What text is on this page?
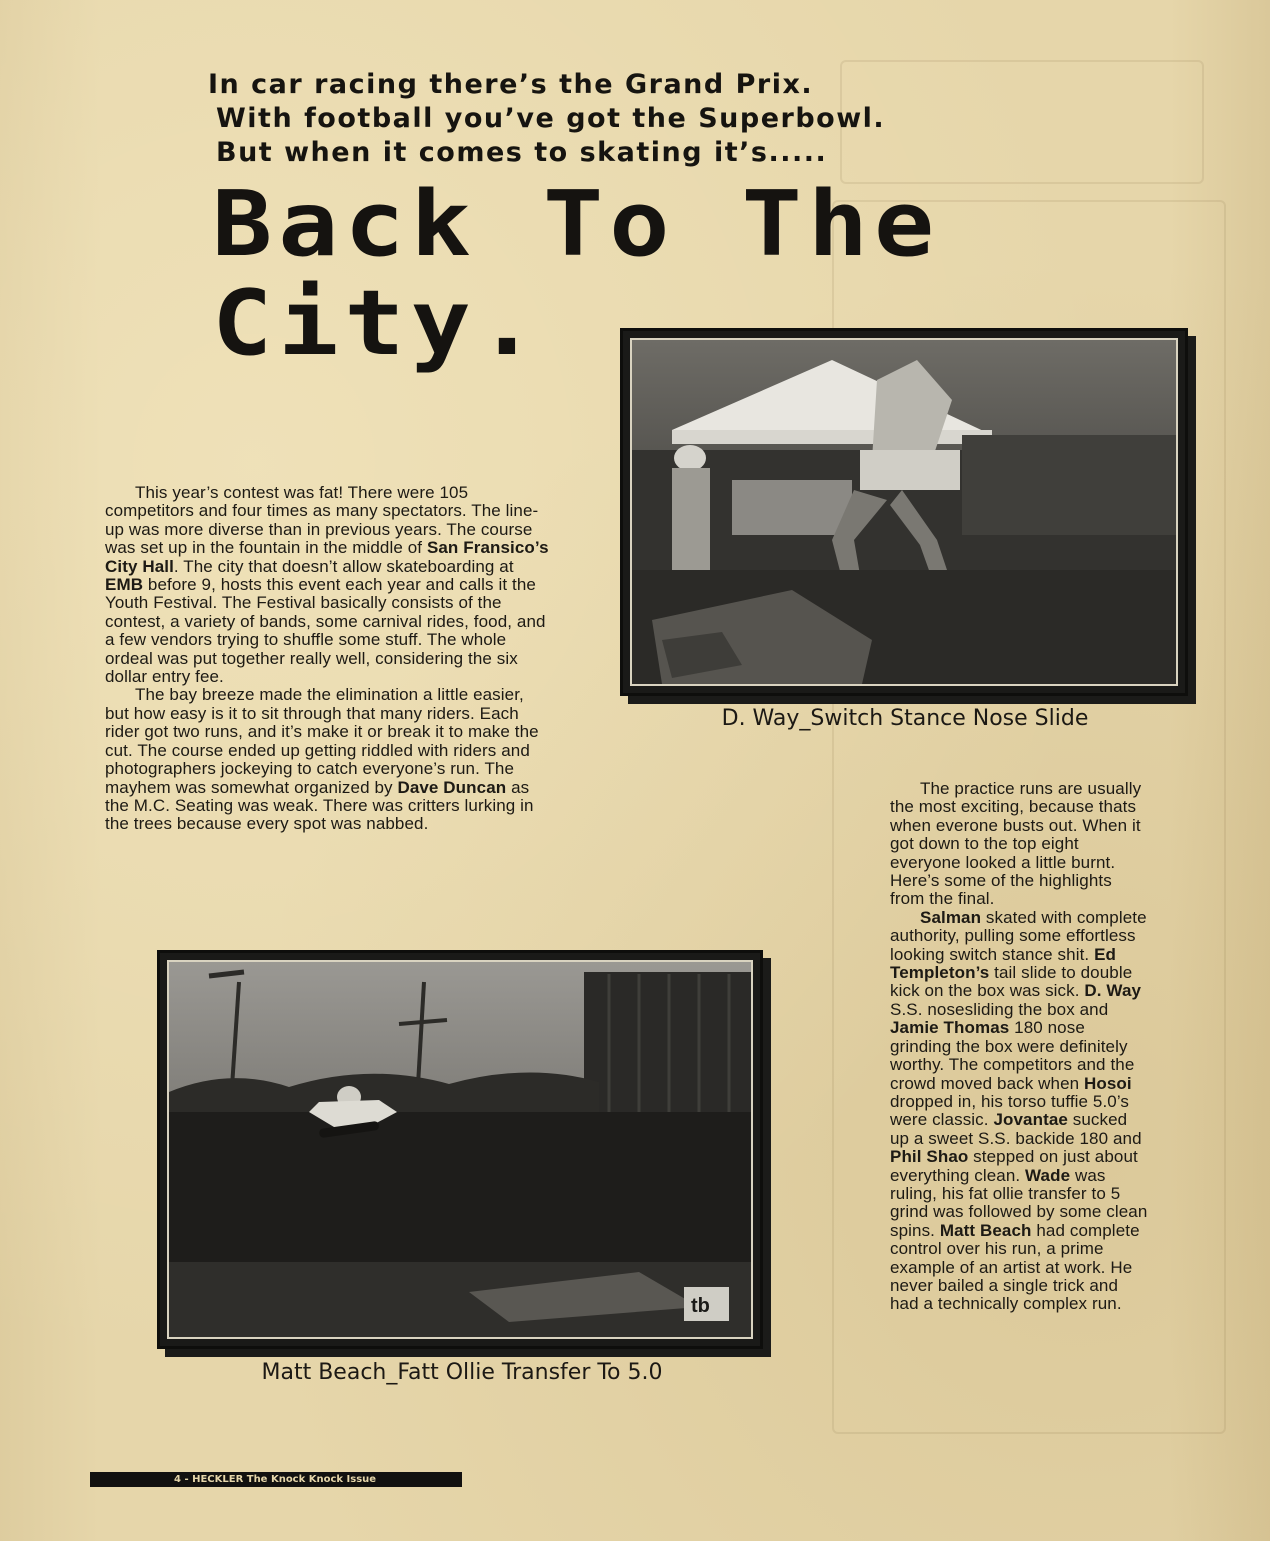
In car racing there’s the Grand Prix.
With football you’ve got the Superbowl.
But when it comes to skating it’s.....
Back To The City.
D. Way_Switch Stance Nose Slide
tb
Matt Beach_Fatt Ollie Transfer To 5.0

This year’s contest was fat! There were 105 competitors and four times as many spectators. The line-up was more diverse than in previous years. The course was set up in the fountain in the middle of San Fransico’s City Hall. The city that doesn’t allow skateboarding at EMB before 9, hosts this event each year and calls it the Youth Festival. The Festival basically consists of the contest, a variety of bands, some carnival rides, food, and a few vendors trying to shuffle some stuff. The whole ordeal was put together really well, considering the six dollar entry fee.

The bay breeze made the elimination a little easier, but how easy is it to sit through that many riders. Each rider got two runs, and it’s make it or break it to make the cut. The course ended up getting riddled with riders and photographers jockeying to catch everyone’s run. The mayhem was somewhat organized by Dave Duncan as the M.C. Seating was weak. There was critters lurking in the trees because every spot was nabbed.

The practice runs are usually the most exciting, because thats when everone busts out. When it got down to the top eight everyone looked a little burnt. Here’s some of the highlights from the final.

Salman skated with complete authority, pulling some effortless looking switch stance shit. Ed Templeton’s tail slide to double kick on the box was sick. D. Way S.S. nosesliding the box and Jamie Thomas 180 nose grinding the box were definitely worthy. The competitors and the crowd moved back when Hosoi dropped in, his torso tuffie 5.0’s were classic. Jovantae sucked up a sweet S.S. backide 180 and Phil Shao stepped on just about everything clean. Wade was ruling, his fat ollie transfer to 5 grind was followed by some clean spins. Matt Beach had complete control over his run, a prime example of an artist at work. He never bailed a single trick and had a technically complex run.

4 - HECKLER The Knock Knock Issue
